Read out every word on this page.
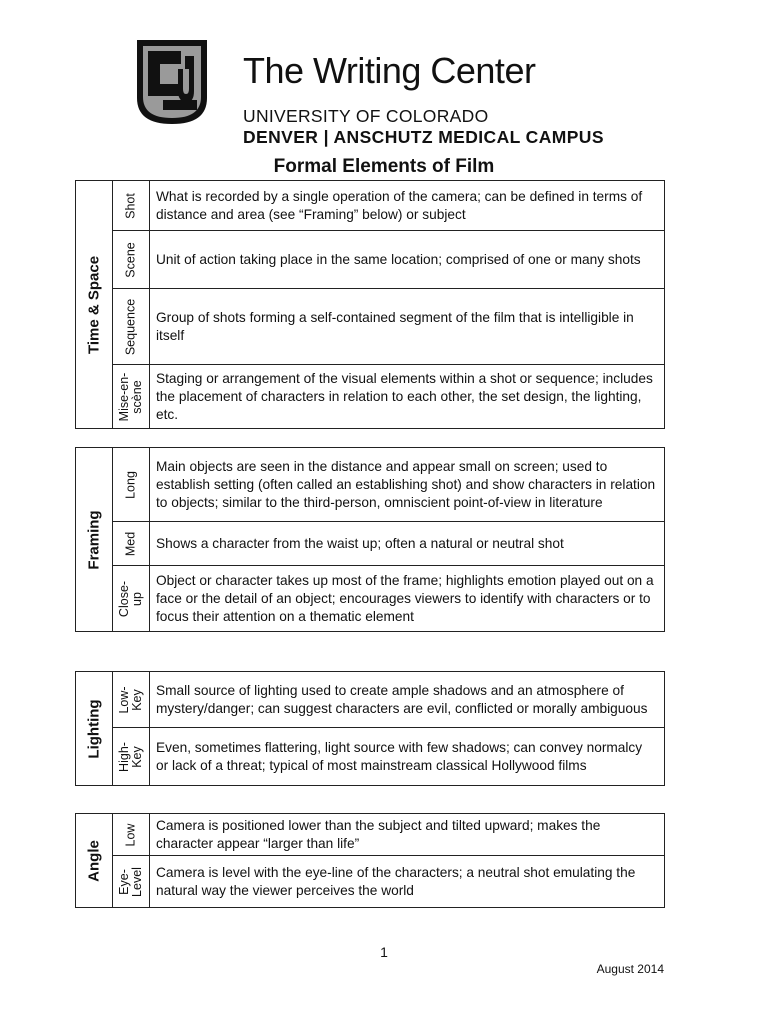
The Writing Center
UNIVERSITY OF COLORADO
DENVER | ANSCHUTZ MEDICAL CAMPUS
Formal Elements of Film
Time & Space	Shot	What is recorded by a single operation of the camera; can be defined in terms of distance and area (see “Framing” below) or subject

	Scene	Unit of action taking place in the same location; comprised of one or many shots

	Sequence	Group of shots forming a self-contained segment of the film that is intelligible in itself

	Mise-en- scène	Staging or arrangement of the visual elements within a shot or sequence; includes the placement of characters in relation to each other, the set design, the lighting, etc.
Framing	Long	Main objects are seen in the distance and appear small on screen; used to establish setting (often called an establishing shot) and show characters in relation to objects; similar to the third-person, omniscient point-of-view in literature

	Med	Shows a character from the waist up; often a natural or neutral shot

	Close- up	Object or character takes up most of the frame; highlights emotion played out on a face or the detail of an object; encourages viewers to identify with characters or to focus their attention on a thematic element
Lighting	Low- Key	Small source of lighting used to create ample shadows and an atmosphere of mystery/danger; can suggest characters are evil, conflicted or morally ambiguous

	High- Key	Even, sometimes flattering, light source with few shadows; can convey normalcy or lack of a threat; typical of most mainstream classical Hollywood films
Angle	Low	Camera is positioned lower than the subject and tilted upward; makes the character appear “larger than life”

	Eye- Level	Camera is level with the eye-line of the characters; a neutral shot emulating the natural way the viewer perceives the world
1
August 2014
